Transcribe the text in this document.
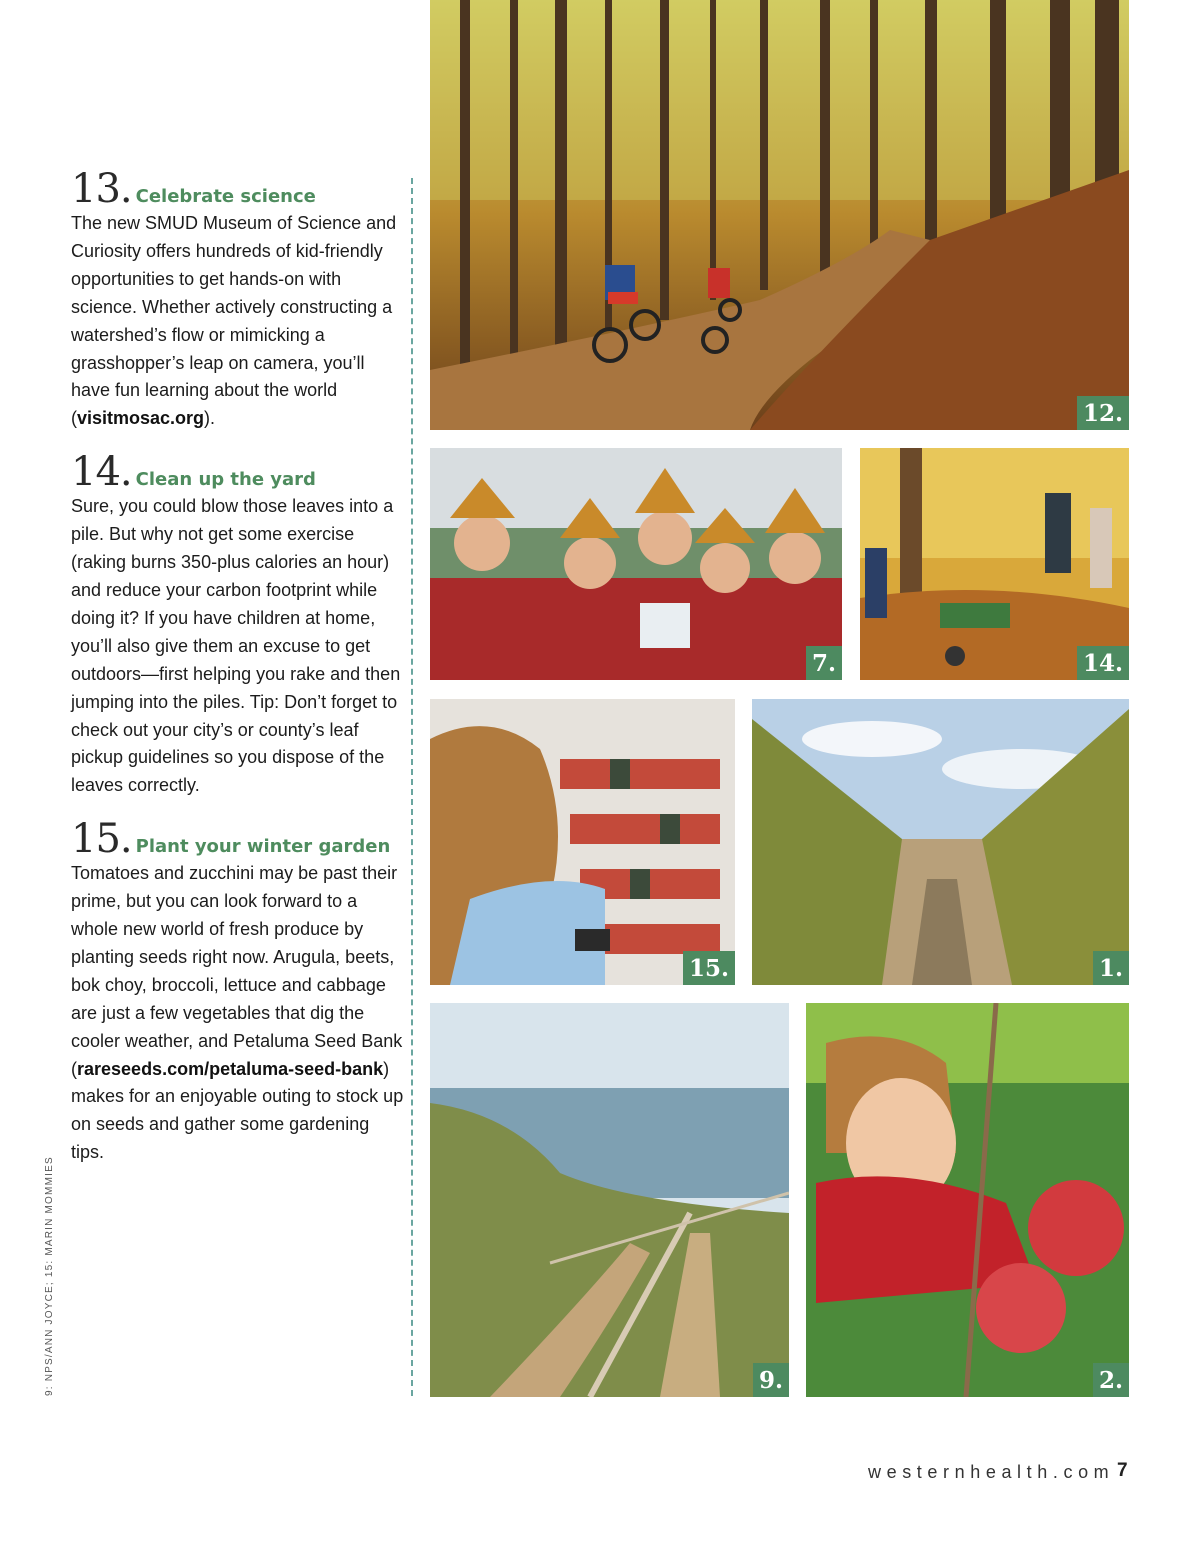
13. Celebrate science
The new SMUD Museum of Science and Curiosity offers hundreds of kid-friendly opportunities to get hands-on with science. Whether actively constructing a watershed’s flow or mimicking a grasshopper’s leap on camera, you’ll have fun learning about the world (visitmosac.org).
14. Clean up the yard
Sure, you could blow those leaves into a pile. But why not get some exercise (raking burns 350-plus calories an hour) and reduce your carbon footprint while doing it? If you have children at home, you’ll also give them an excuse to get outdoors—first helping you rake and then jumping into the piles. Tip: Don’t forget to check out your city’s or county’s leaf pickup guidelines so you dispose of the leaves correctly.
15. Plant your winter garden
Tomatoes and zucchini may be past their prime, but you can look forward to a whole new world of fresh produce by planting seeds right now. Arugula, beets, bok choy, broccoli, lettuce and cabbage are just a few vegetables that dig the cooler weather, and Petaluma Seed Bank (rareseeds.com/petaluma-seed-bank) makes for an enjoyable outing to stock up on seeds and gather some gardening tips.
9: NPS/ANN JOYCE; 15: MARIN MOMMIES
12.
7.	14.
15.	1.
9.	2.
westernhealth.com 7
